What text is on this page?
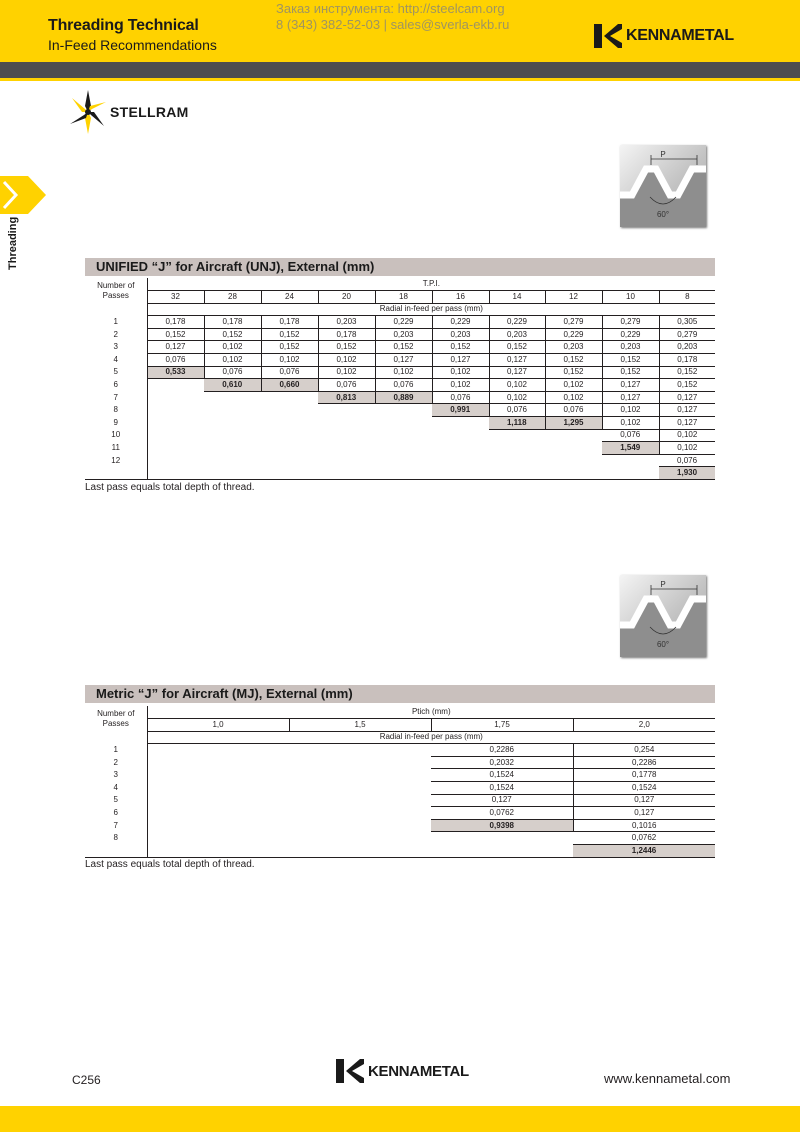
Threading Technical
In-Feed Recommendations
Заказ инструмента: http://steelcam.org
8 (343) 382-52-03 | sales@sverla-ekb.ru
KENNAMETAL
STELLRAM
Threading
P
60°
UNIFIED “J” for Aircraft (UNJ), External (mm)
Number of Passes	T.P.I.									
	32	28	24	20	18	16	14	12	10	8
	Radial in-feed per pass (mm)									
1	0,178	0,178	0,178	0,203	0,229	0,229	0,229	0,279	0,279	0,305
2	0,152	0,152	0,152	0,178	0,203	0,203	0,203	0,229	0,229	0,279
3	0,127	0,102	0,152	0,152	0,152	0,152	0,152	0,203	0,203	0,203
4	0,076	0,102	0,102	0,102	0,127	0,127	0,127	0,152	0,152	0,178
5	0,533	0,076	0,076	0,102	0,102	0,102	0,127	0,152	0,152	0,152
6		0,610	0,660	0,076	0,076	0,102	0,102	0,102	0,127	0,152
7				0,813	0,889	0,076	0,102	0,102	0,127	0,127
8						0,991	0,076	0,076	0,102	0,127
9							1,118	1,295	0,102	0,127
10									0,076	0,102
11									1,549	0,102
12										0,076
										1,930
Last pass equals total depth of thread.
P
60°
Metric “J” for Aircraft (MJ), External (mm)
Number of Passes	Ptich (mm)			
	1,0	1,5	1,75	2,0
	Radial in-feed per pass (mm)			
1			0,2286	0,254
2			0,2032	0,2286
3			0,1524	0,1778
4			0,1524	0,1524
5			0,127	0,127
6			0,0762	0,127
7			0,9398	0,1016
8				0,0762
				1,2446
Last pass equals total depth of thread.
C256
KENNAMETAL	www.kennametal.com
